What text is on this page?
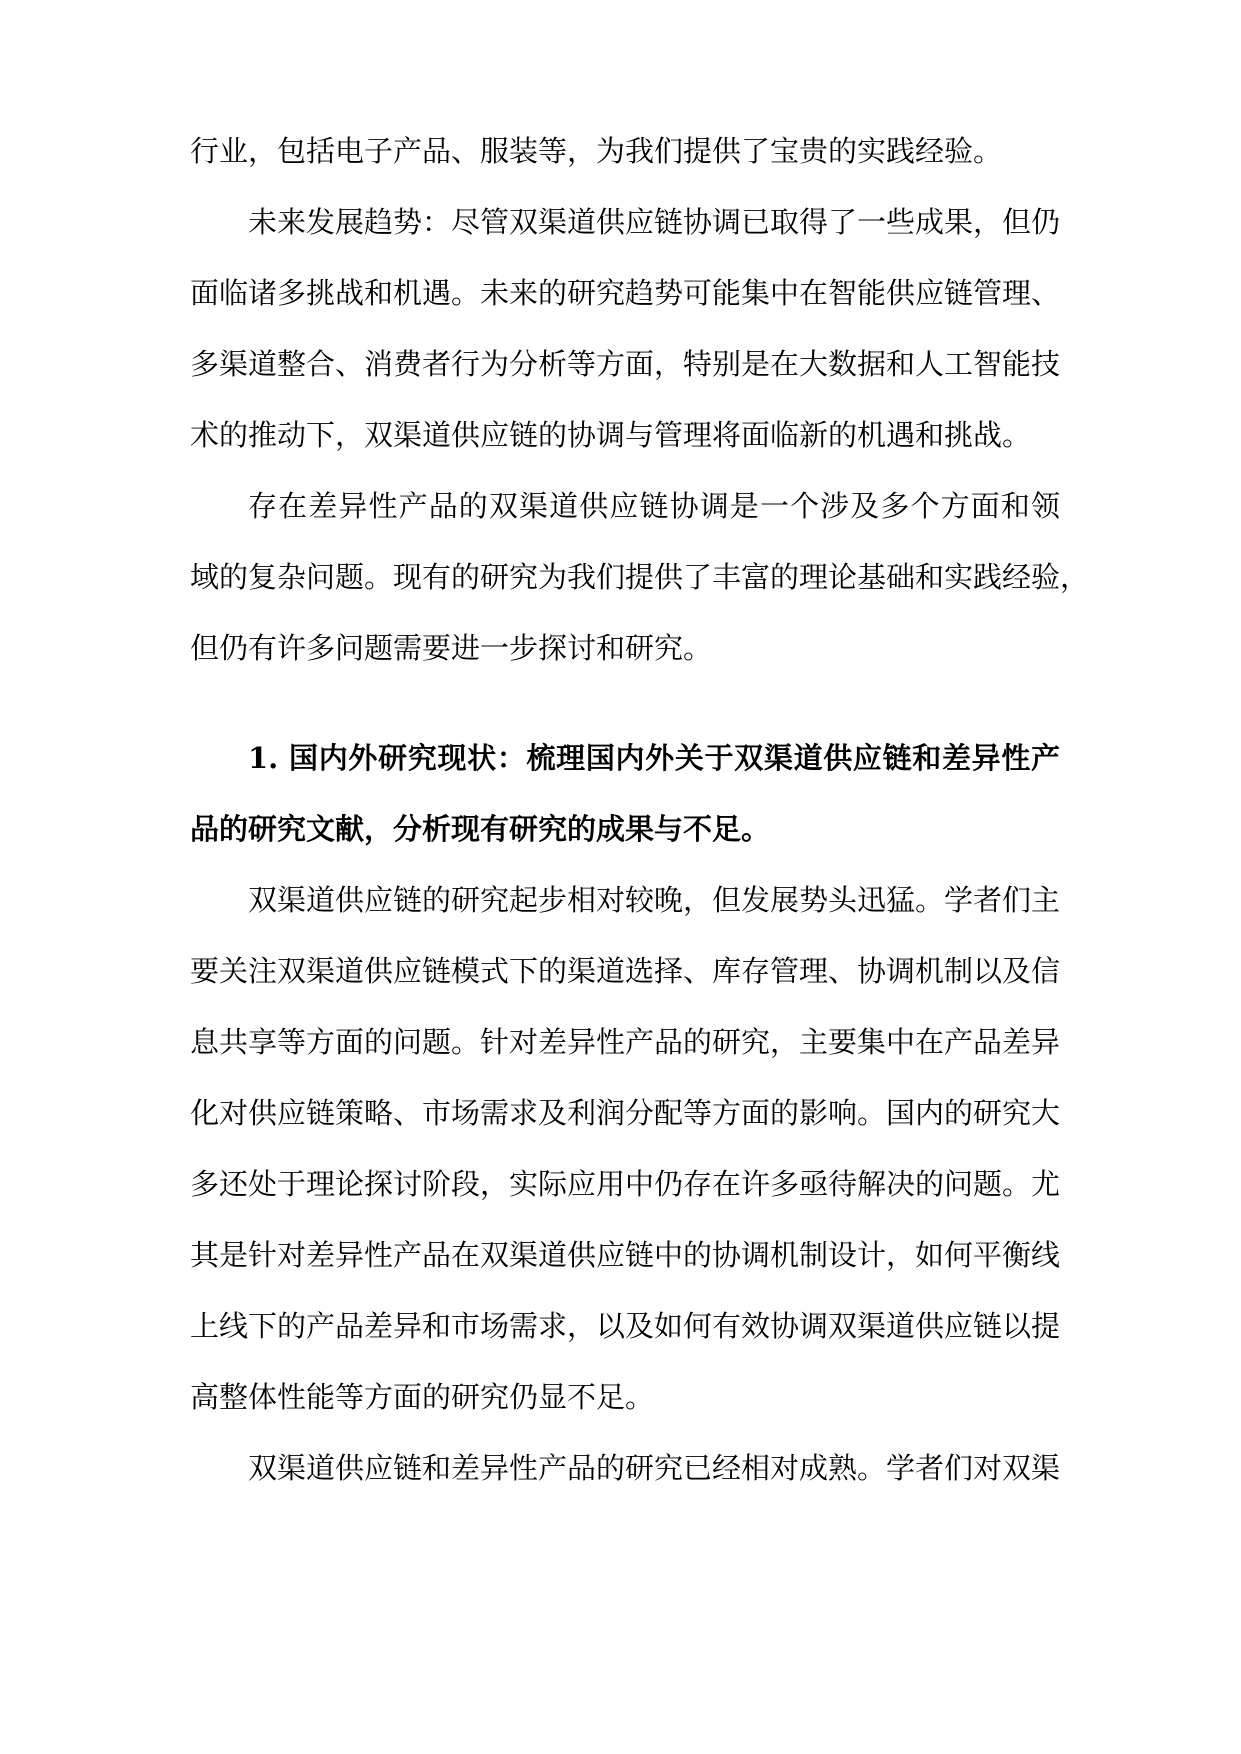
行业，包括电子产品、服装等，为我们提供了宝贵的实践经验。
未来发展趋势：尽管双渠道供应链协调已取得了一些成果，但仍
面临诸多挑战和机遇。未来的研究趋势可能集中在智能供应链管理、
多渠道整合、消费者行为分析等方面，特别是在大数据和人工智能技
术的推动下，双渠道供应链的协调与管理将面临新的机遇和挑战。
存在差异性产品的双渠道供应链协调是一个涉及多个方面和领
域的复杂问题。现有的研究为我们提供了丰富的理论基础和实践经验，
但仍有许多问题需要进一步探讨和研究。
1. 国内外研究现状：梳理国内外关于双渠道供应链和差异性产
品的研究文献，分析现有研究的成果与不足。
双渠道供应链的研究起步相对较晚，但发展势头迅猛。学者们主
要关注双渠道供应链模式下的渠道选择、库存管理、协调机制以及信
息共享等方面的问题。针对差异性产品的研究，主要集中在产品差异
化对供应链策略、市场需求及利润分配等方面的影响。国内的研究大
多还处于理论探讨阶段，实际应用中仍存在许多亟待解决的问题。尤
其是针对差异性产品在双渠道供应链中的协调机制设计，如何平衡线
上线下的产品差异和市场需求，以及如何有效协调双渠道供应链以提
高整体性能等方面的研究仍显不足。
双渠道供应链和差异性产品的研究已经相对成熟。学者们对双渠
